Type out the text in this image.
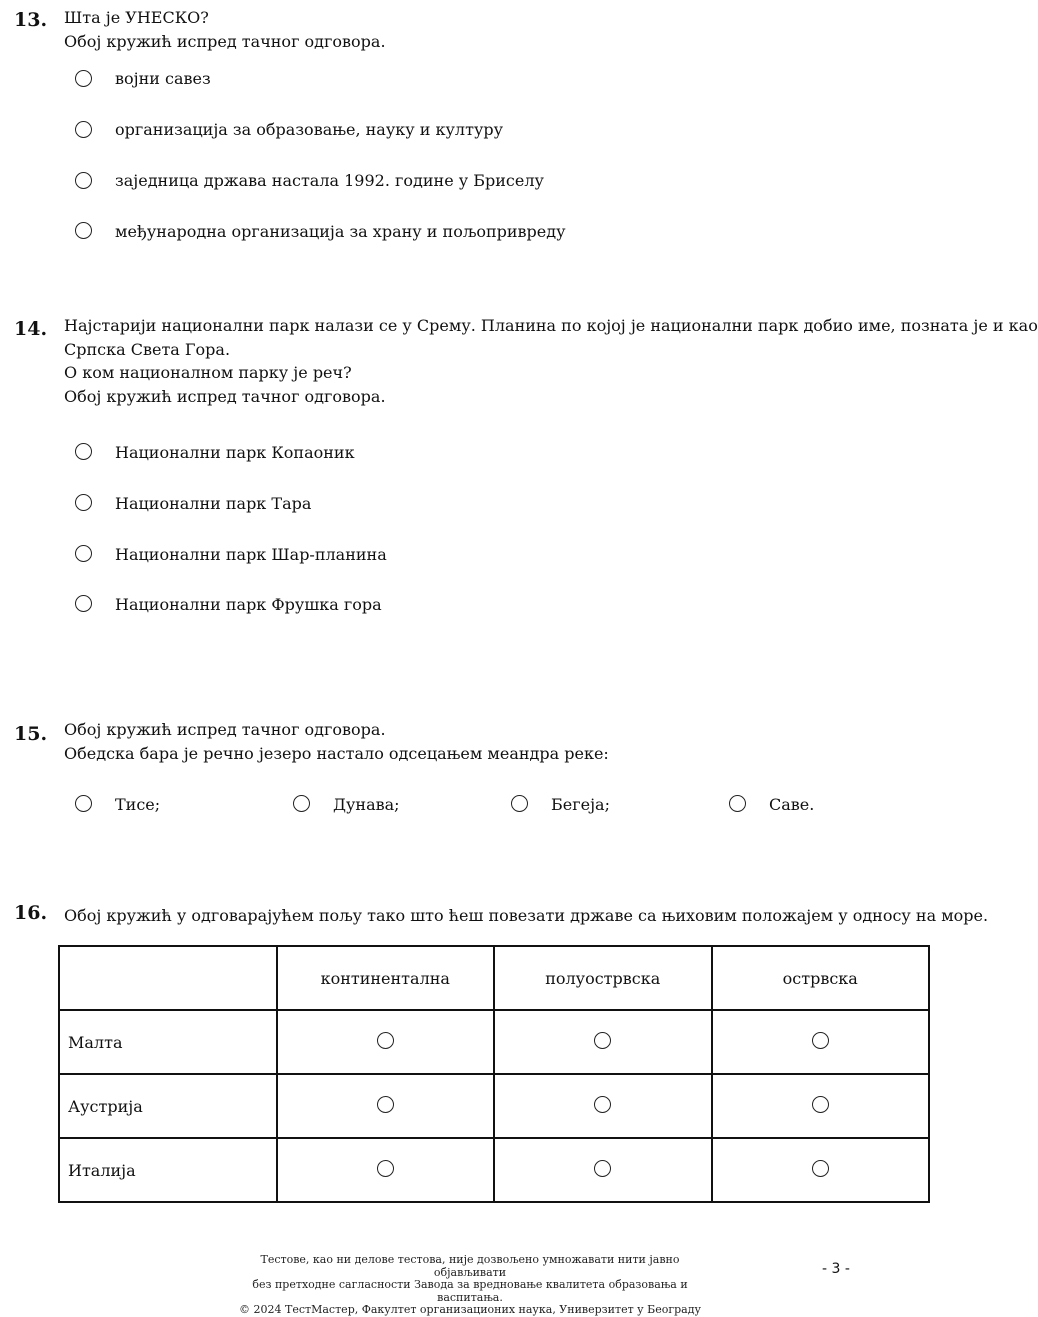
13. Шта је УНЕСКО?
Обој кружић испред тачног одговора.
војни савез
организација за образовање, науку и културу
заједница држава настала 1992. године у Бриселу
међународна организација за храну и пољопривреду
14. Најстарији национални парк налази се у Срему. Планина по којој је национални парк добио име, позната је и као
Српска Света Гора.
О ком националном парку је реч?
Обој кружић испред тачног одговора.
Национални парк Копаоник
Национални парк Тара
Национални парк Шар-планина
Национални парк Фрушка гора
15. Обој кружић испред тачног одговора.
Обедска бара је речно језеро настало одсецањем меандра реке:
Тисе;	Дунава;	Бегеја;	Саве.
16. Обој кружић у одговарајућем пољу тако што ћеш повезати државе са њиховим положајем у односу на море.
	континентална	полуострвска	острвска
Малта			
Аустрија			
Италија			
Тестове, као ни делове тестова, није дозвољено умножавати нити јавно објављивати
без претходне сагласности Завода за вредновање квалитета образовања и васпитања.
© 2024 ТестМастер, Факултет организационих наука, Универзитет у Београду
- 3 -
